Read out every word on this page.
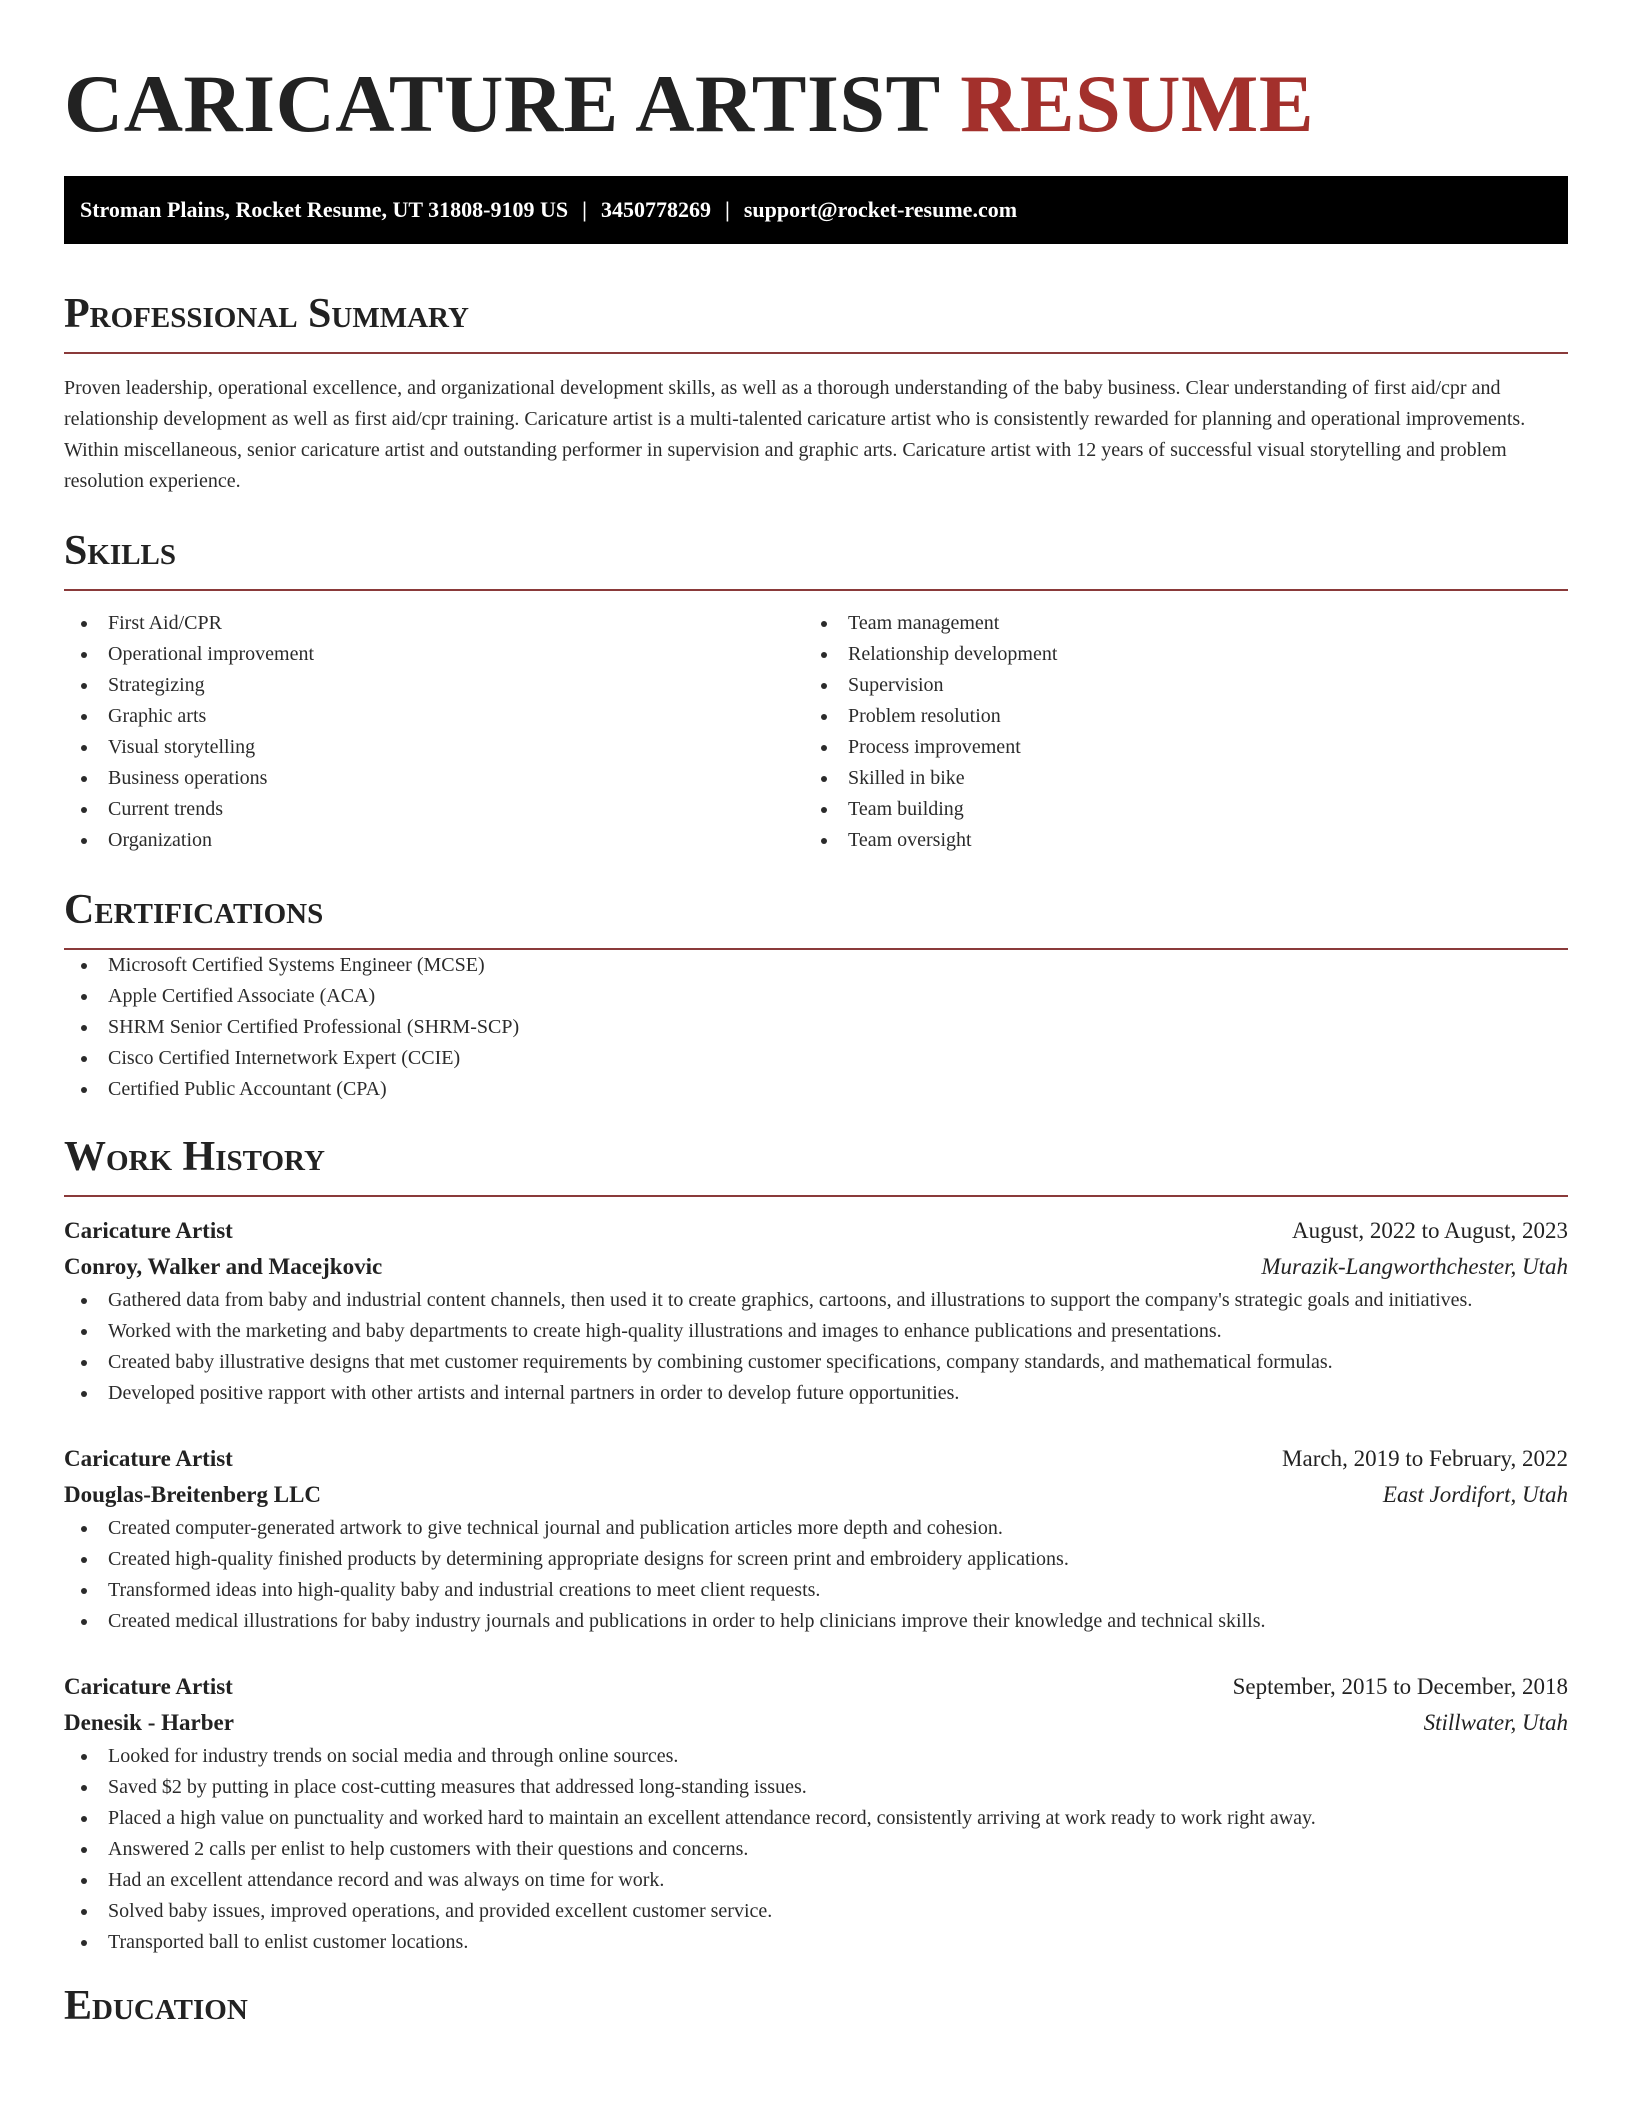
CARICATURE ARTIST RESUME
Stroman Plains, Rocket Resume, UT 31808-9109 US | 3450778269 | support@rocket-resume.com
Professional Summary

Proven leadership, operational excellence, and organizational development skills, as well as a thorough understanding of the baby business. Clear understanding of first aid/cpr and relationship development as well as first aid/cpr training. Caricature artist is a multi-talented caricature artist who is consistently rewarded for planning and operational improvements. Within miscellaneous, senior caricature artist and outstanding performer in supervision and graphic arts. Caricature artist with 12 years of successful visual storytelling and problem resolution experience.

Skills
First Aid/CPR
Operational improvement
Strategizing
Graphic arts
Visual storytelling
Business operations
Current trends
Organization
Team management
Relationship development
Supervision
Problem resolution
Process improvement
Skilled in bike
Team building
Team oversight
Certifications
Microsoft Certified Systems Engineer (MCSE)
Apple Certified Associate (ACA)
SHRM Senior Certified Professional (SHRM-SCP)
Cisco Certified Internetwork Expert (CCIE)
Certified Public Accountant (CPA)
Work History
Caricature Artist	August, 2022 to August, 2023
Conroy, Walker and Macejkovic	Murazik-Langworthchester, Utah
Gathered data from baby and industrial content channels, then used it to create graphics, cartoons, and illustrations to support the company's strategic goals and initiatives.
Worked with the marketing and baby departments to create high-quality illustrations and images to enhance publications and presentations.
Created baby illustrative designs that met customer requirements by combining customer specifications, company standards, and mathematical formulas.
Developed positive rapport with other artists and internal partners in order to develop future opportunities.
Caricature Artist	March, 2019 to February, 2022
Douglas-Breitenberg LLC	East Jordifort, Utah
Created computer-generated artwork to give technical journal and publication articles more depth and cohesion.
Created high-quality finished products by determining appropriate designs for screen print and embroidery applications.
Transformed ideas into high-quality baby and industrial creations to meet client requests.
Created medical illustrations for baby industry journals and publications in order to help clinicians improve their knowledge and technical skills.
Caricature Artist	September, 2015 to December, 2018
Denesik - Harber	Stillwater, Utah
Looked for industry trends on social media and through online sources.
Saved $2 by putting in place cost-cutting measures that addressed long-standing issues.
Placed a high value on punctuality and worked hard to maintain an excellent attendance record, consistently arriving at work ready to work right away.
Answered 2 calls per enlist to help customers with their questions and concerns.
Had an excellent attendance record and was always on time for work.
Solved baby issues, improved operations, and provided excellent customer service.
Transported ball to enlist customer locations.
Education
